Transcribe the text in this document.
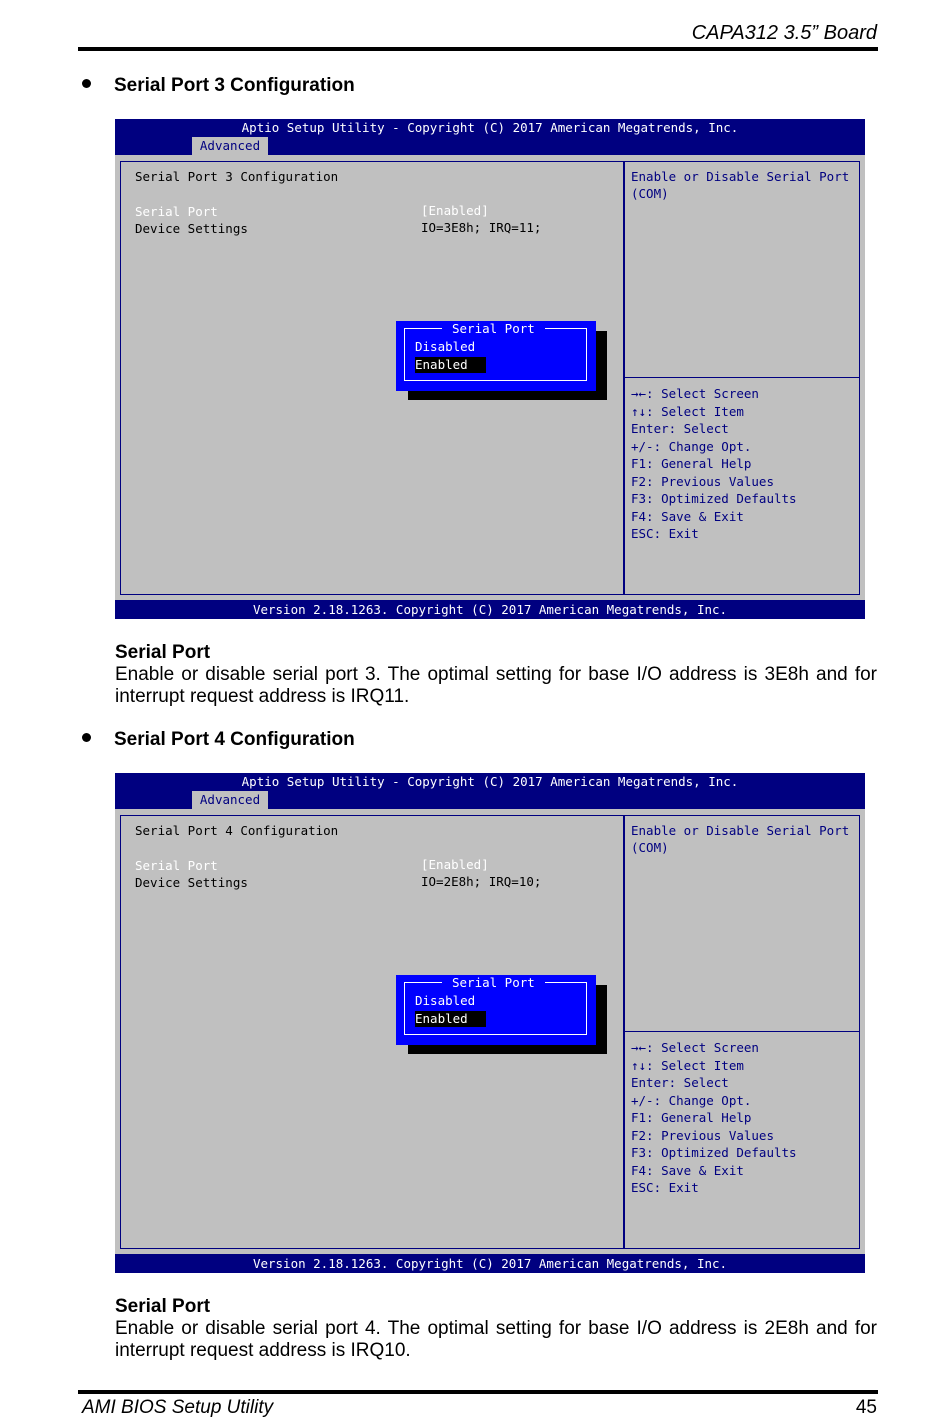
CAPA312 3.5” Board
Serial Port 3 Configuration
Aptio Setup Utility - Copyright (C) 2017 American Megatrends, Inc.
Advanced
Serial Port 3 Configuration
Serial Port	[Enabled]
Device Settings	IO=3E8h; IRQ=11;
Enable or Disable Serial Port
(COM)
Serial Port
Disabled
Enabled
→←: Select Screen
↑↓: Select Item
Enter: Select
+/-: Change Opt.
F1: General Help
F2: Previous Values
F3: Optimized Defaults
F4: Save & Exit
ESC: Exit
Version 2.18.1263. Copyright (C) 2017 American Megatrends, Inc.
Serial Port
Enable or disable serial port 3. The optimal setting for base I/O address is 3E8h and for interrupt request address is IRQ11.
Serial Port 4 Configuration
Aptio Setup Utility - Copyright (C) 2017 American Megatrends, Inc.
Advanced
Serial Port 4 Configuration
Serial Port	[Enabled]
Device Settings	IO=2E8h; IRQ=10;
Enable or Disable Serial Port
(COM)
Serial Port
Disabled
Enabled
→←: Select Screen
↑↓: Select Item
Enter: Select
+/-: Change Opt.
F1: General Help
F2: Previous Values
F3: Optimized Defaults
F4: Save & Exit
ESC: Exit
Version 2.18.1263. Copyright (C) 2017 American Megatrends, Inc.
Serial Port
Enable or disable serial port 4. The optimal setting for base I/O address is 2E8h and for interrupt request address is IRQ10.
AMI BIOS Setup Utility	45
